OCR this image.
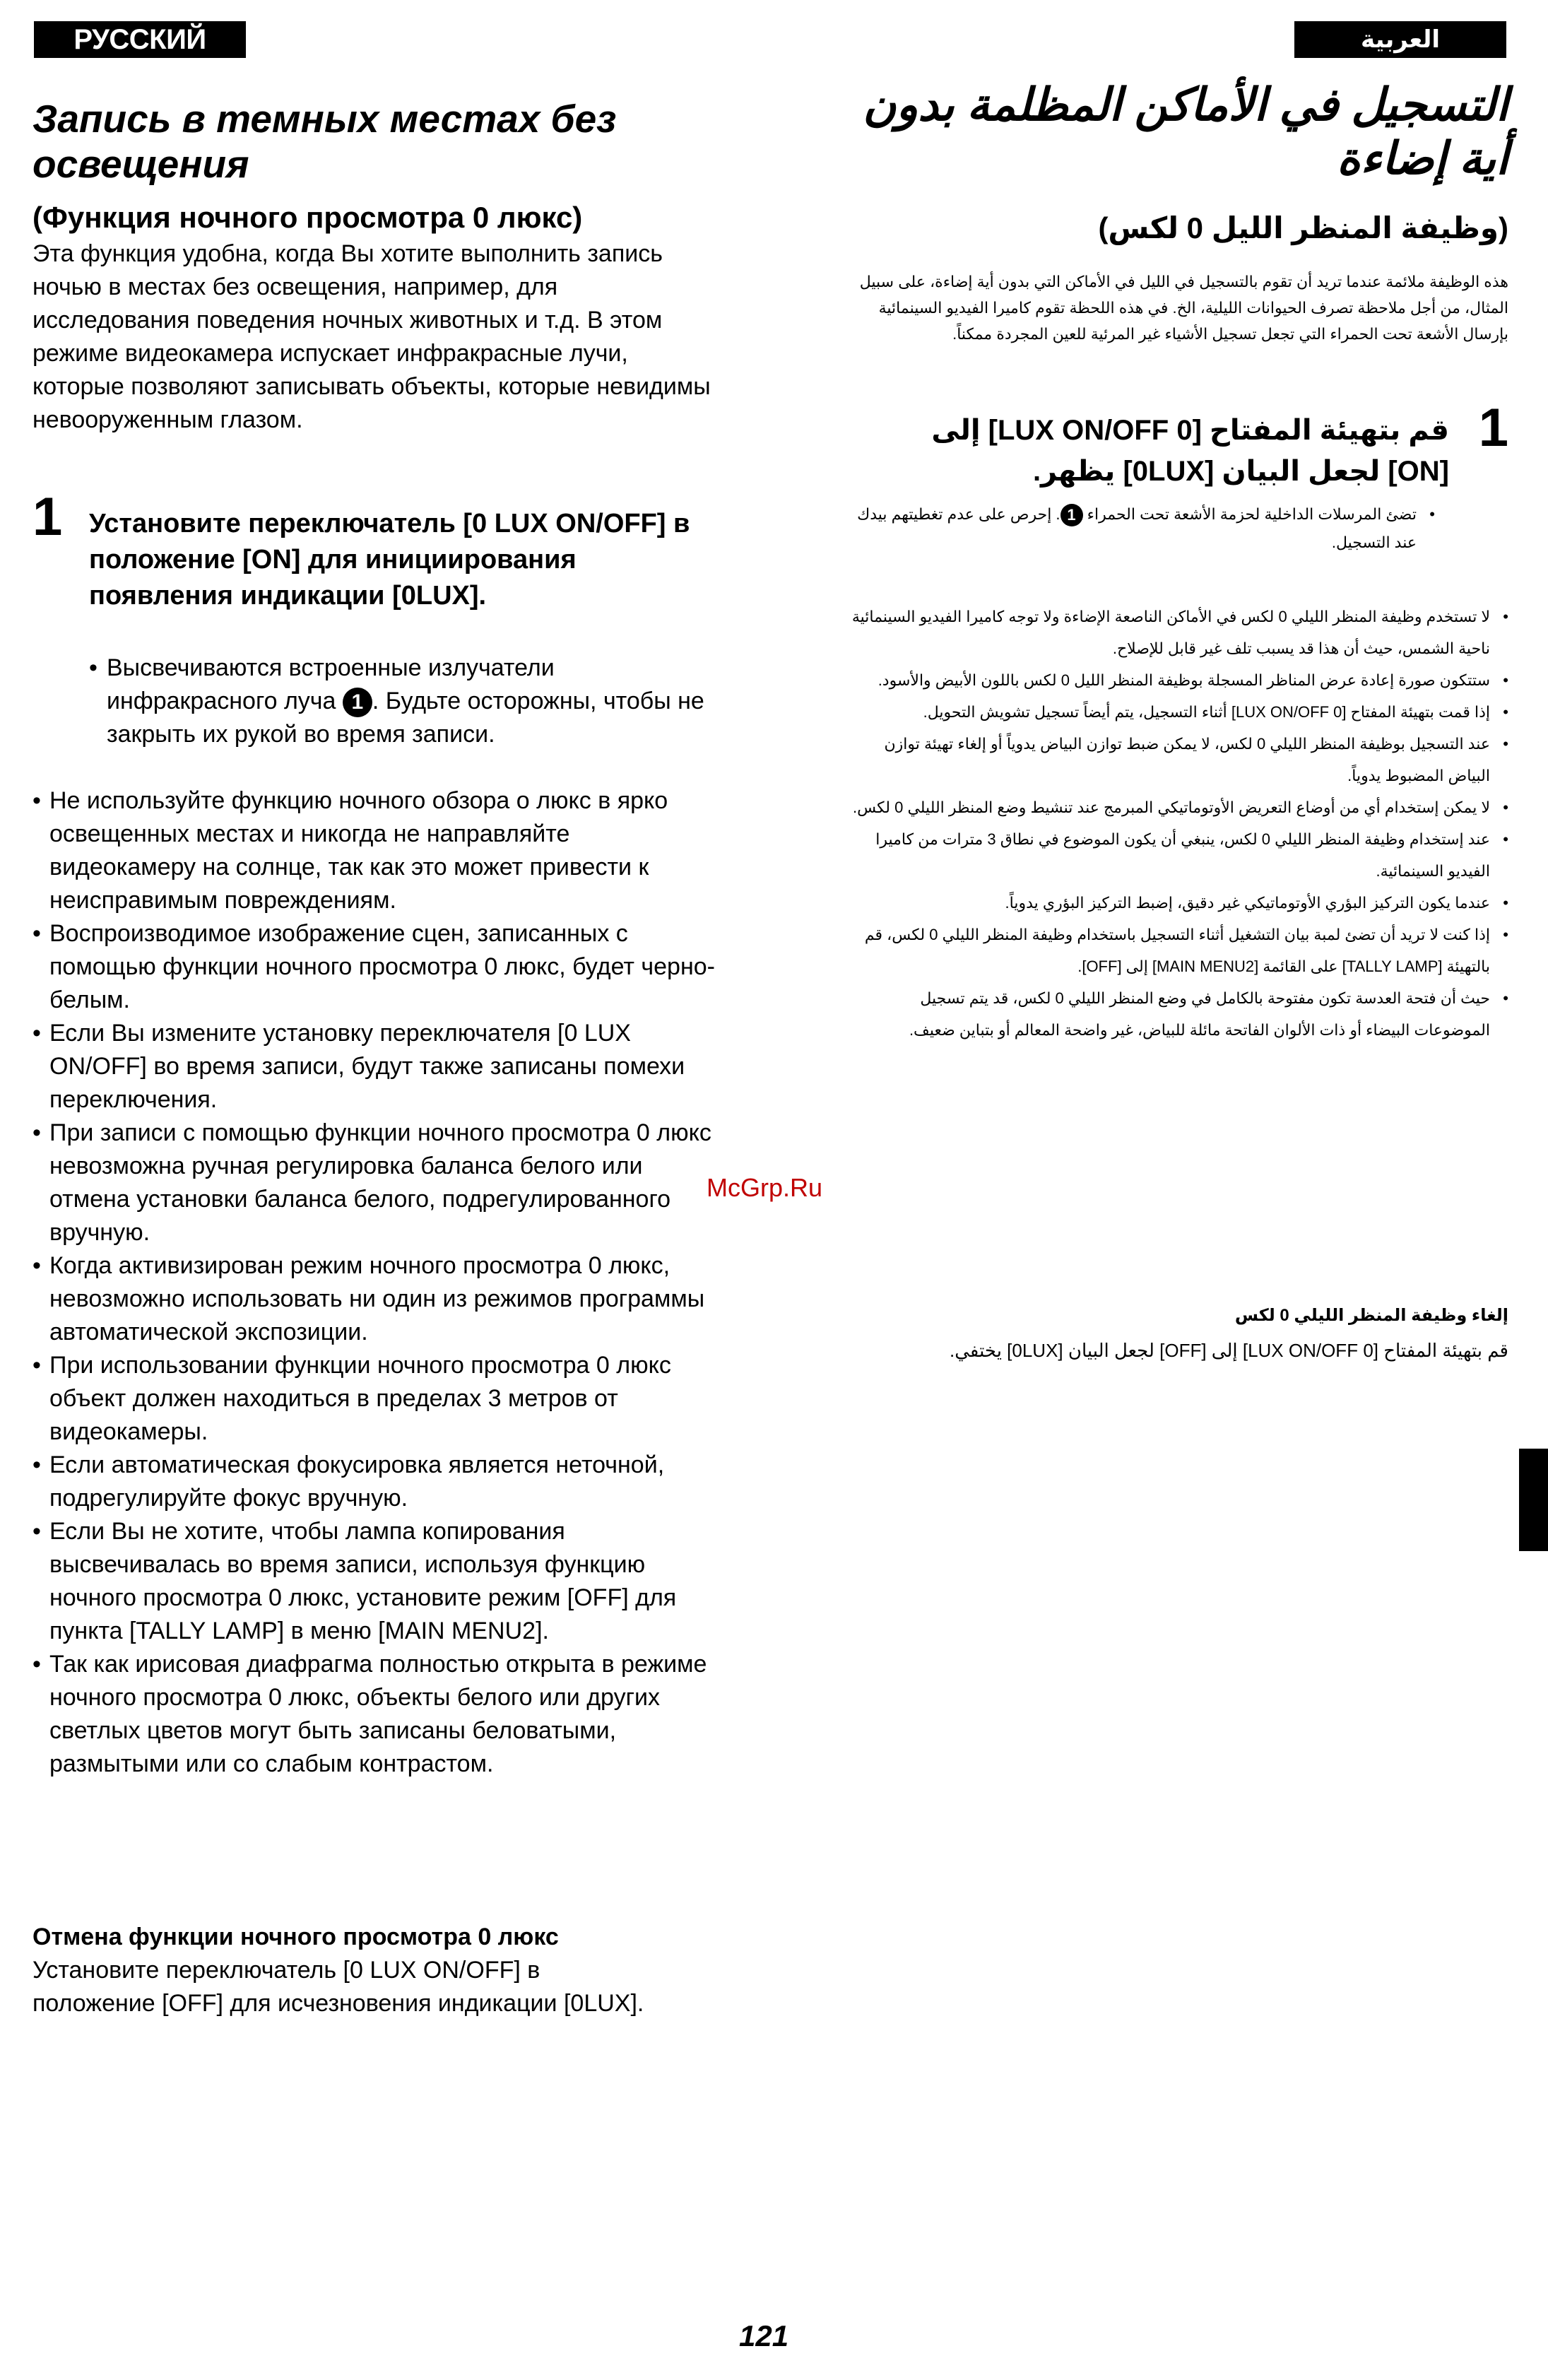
РУССКИЙ ЯЗЫК
العربية
Запись в темных местах без освещения
(Функция ночного просмотра 0 люкс)

Эта функция удобна, когда Вы хотите выполнить запись ночью в местах без освещения, например, для исследования поведения ночных животных и т.д. В этом режиме видеокамера испускает инфракрасные лучи, которые позволяют записывать объекты, которые невидимы невооруженным глазом.

1 Установите переключатель [0 LUX ON/OFF] в положение [ON] для инициирования появления индикации [0LUX].

• Высвечиваются встроенные излучатели инфракрасного луча 1 . Будьте осторожны, чтобы не закрыть их рукой во время записи.

• Не используйте функцию ночного обзора о люкс в ярко освещенных местах и никогда не направляйте видеокамеру на солнце, так как это может привести к неисправимым повреждениям.
• Воспроизводимое изображение сцен, записанных с помощью функции ночного просмотра 0 люкс, будет черно-белым.
• Если Вы измените установку переключателя [0 LUX ON/OFF] во время записи, будут также записаны помехи переключения.
• При записи с помощью функции ночного просмотра 0 люкс невозможна ручная регулировка баланса белого или отмена установки баланса белого, подрегулированного вручную.
• Когда активизирован режим ночного просмотра 0 люкс, невозможно использовать ни один из режимов программы автоматической экспозиции.
• При использовании функции ночного просмотра 0 люкс объект должен находиться в пределах 3 метров от видеокамеры.
• Если автоматическая фокусировка является неточной, подрегулируйте фокус вручную.
• Если Вы не хотите, чтобы лампа копирования высвечивалась во время записи, используя функцию ночного просмотра 0 люкс, установите режим [OFF] для пункта [TALLY LAMP] в меню [MAIN MENU2].
• Так как ирисовая диафрагма полностью открыта в режиме ночного просмотра 0 люкс, объекты белого или других светлых цветов могут быть записаны беловатыми, размытыми или со слабым контрастом.
Отмена функции ночного просмотра 0 люкс

Установите переключатель [0 LUX ON/OFF] в положение [OFF] для исчезновения индикации [0LUX].

التسجيل في الأماكن المظلمة بدون أية إضاءة
(وظيفة المنظر الليل 0 لكس)

هذه الوظيفة ملائمة عندما تريد أن تقوم بالتسجيل في الليل في الأماكن التي بدون أية إضاءة، على سبيل المثال، من أجل ملاحظة تصرف الحيوانات الليلية، الخ. في هذه اللحظة تقوم كاميرا الفيديو السينمائية بإرسال الأشعة تحت الحمراء التي تجعل تسجيل الأشياء غير المرئية للعين المجردة ممكناً.

1

قم بتهيئة المفتاح [0 LUX ON/OFF] إلى [ON] لجعل البيان [0LUX] يظهر.

•
تضئ المرسلات الداخلية لحزمة الأشعة تحت الحمراء 1. إحرص على عدم تغطيتهم بيدك عند التسجيل.

• لا تستخدم وظيفة المنظر الليلي 0 لكس في الأماكن الناصعة الإضاءة ولا توجه كاميرا الفيديو السينمائية ناحية الشمس، حيث أن هذا قد يسبب تلف غير قابل للإصلاح.
• ستتكون صورة إعادة عرض المناظر المسجلة بوظيفة المنظر الليل 0 لكس باللون الأبيض والأسود.
• إذا قمت بتهيئة المفتاح [0 LUX ON/OFF] أثناء التسجيل، يتم أيضاً تسجيل تشويش التحويل.
• عند التسجيل بوظيفة المنظر الليلي 0 لكس، لا يمكن ضبط توازن البياض يدوياً أو إلغاء تهيئة توازن البياض المضبوط يدوياً.
• لا يمكن إستخدام أي من أوضاع التعريض الأوتوماتيكي المبرمج عند تنشيط وضع المنظر الليلي 0 لكس.
• عند إستخدام وظيفة المنظر الليلي 0 لكس، ينبغي أن يكون الموضوع في نطاق 3 مترات من كاميرا الفيديو السينمائية.
• عندما يكون التركيز البؤري الأوتوماتيكي غير دقيق، إضبط التركيز البؤري يدوياً.
• إذا كنت لا تريد أن تضئ لمبة بيان التشغيل أثناء التسجيل باستخدام وظيفة المنظر الليلي 0 لكس، قم بالتهيئة [TALLY LAMP] على القائمة [MAIN MENU2] إلى [OFF].
• حيث أن فتحة العدسة تكون مفتوحة بالكامل في وضع المنظر الليلي 0 لكس، قد يتم تسجيل الموضوعات البيضاء أو ذات الألوان الفاتحة مائلة للبياض، غير واضحة المعالم أو بتباين ضعيف.
إلغاء وظيفة المنظر الليلي 0 لكس

قم بتهيئة المفتاح [0 LUX ON/OFF] إلى [OFF] لجعل البيان [0LUX] يختفي.

McGrp.Ru
121
